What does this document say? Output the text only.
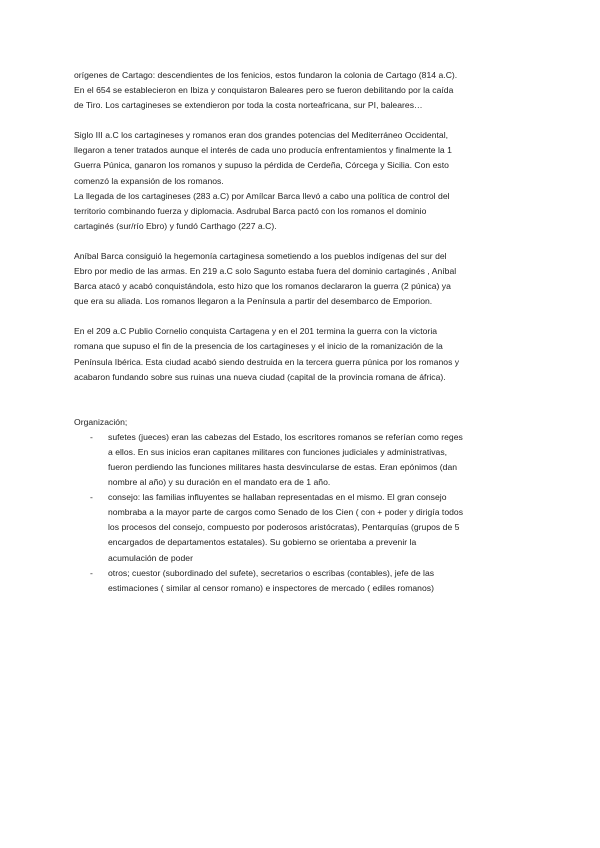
orígenes de Cartago: descendientes de los fenicios, estos fundaron la colonia de Cartago (814 a.C).
En el 654 se establecieron en Ibiza y conquistaron Baleares pero se fueron debilitando por la caída
de Tiro. Los cartagineses se extendieron por toda la costa norteafricana, sur PI, baleares…

Siglo III a.C los cartagineses y romanos eran dos grandes potencias del Mediterráneo Occidental,
llegaron a tener tratados aunque el interés de cada uno producía enfrentamientos y finalmente la 1
Guerra Púnica, ganaron los romanos y supuso la pérdida de Cerdeña, Córcega y Sicilia. Con esto
comenzó la expansión de los romanos.
La llegada de los cartagineses (283 a.C) por Amílcar Barca llevó a cabo una política de control del
territorio combinando fuerza y diplomacia. Asdrubal Barca pactó con los romanos el dominio
cartaginés (sur/río Ebro) y fundó Carthago (227 a.C).

Aníbal Barca consiguió la hegemonía cartaginesa sometiendo a los pueblos indígenas del sur del
Ebro por medio de las armas. En 219 a.C solo Sagunto estaba fuera del dominio cartaginés , Aníbal
Barca atacó y acabó conquistándola, esto hizo que los romanos declararon la guerra (2 púnica) ya
que era su aliada. Los romanos llegaron a la Península a partir del desembarco de Emporion.

En el 209 a.C Publio Cornelio conquista Cartagena y en el 201 termina la guerra con la victoria
romana que supuso el fin de la presencia de los cartagineses y el inicio de la romanización de la
Península Ibérica. Esta ciudad acabó siendo destruida en la tercera guerra púnica por los romanos y
acabaron fundando sobre sus ruinas una nueva ciudad (capital de la provincia romana de áfrica).

Organización;

- sufetes (jueces) eran las cabezas del Estado, los escritores romanos se referían como reges
a ellos. En sus inicios eran capitanes militares con funciones judiciales y administrativas,
fueron perdiendo las funciones militares hasta desvincularse de estas. Eran epónimos (dan
nombre al año) y su duración en el mandato era de 1 año.
- consejo: las familias influyentes se hallaban representadas en el mismo. El gran consejo
nombraba a la mayor parte de cargos como Senado de los Cien ( con + poder y dirigía todos
los procesos del consejo, compuesto por poderosos aristócratas), Pentarquías (grupos de 5
encargados de departamentos estatales). Su gobierno se orientaba a prevenir la
acumulación de poder
- otros; cuestor (subordinado del sufete), secretarios o escribas (contables), jefe de las
estimaciones ( similar al censor romano) e inspectores de mercado ( ediles romanos)
